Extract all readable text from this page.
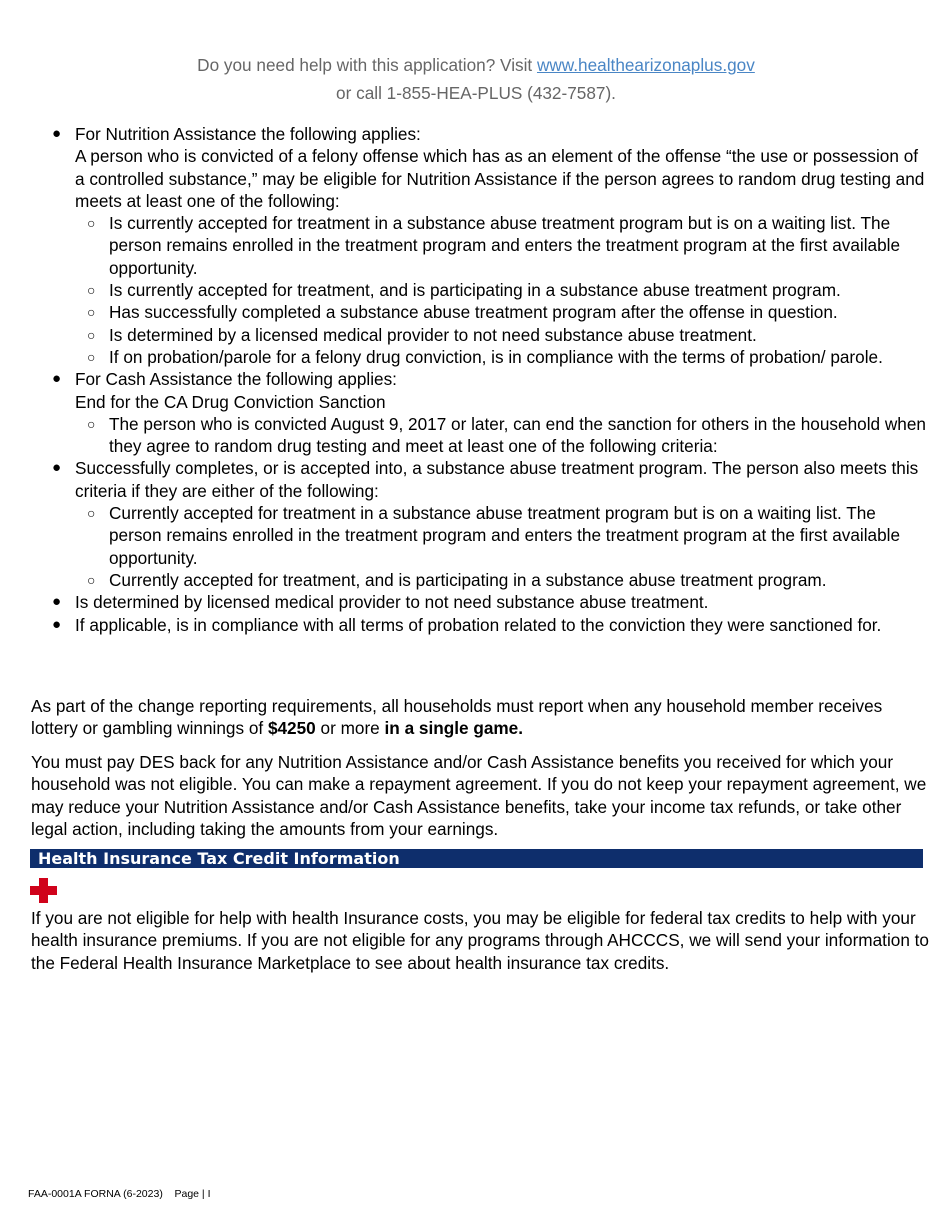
Do you need help with this application? Visit www.healthearizonaplus.gov
or call 1-855-HEA-PLUS (432-7587).
● For Nutrition Assistance the following applies:
A person who is convicted of a felony offense which has as an element of the offense “the use or possession of a controlled substance,” may be eligible for Nutrition Assistance if the person agrees to random drug testing and meets at least one of the following:
○ Is currently accepted for treatment in a substance abuse treatment program but is on a waiting list. The person remains enrolled in the treatment program and enters the treatment program at the first available opportunity.
○ Is currently accepted for treatment, and is participating in a substance abuse treatment program.
○ Has successfully completed a substance abuse treatment program after the offense in question.
○ Is determined by a licensed medical provider to not need substance abuse treatment.
○ If on probation/parole for a felony drug conviction, is in compliance with the terms of probation/ parole.
● For Cash Assistance the following applies:
End for the CA Drug Conviction Sanction
○ The person who is convicted August 9, 2017 or later, can end the sanction for others in the household when they agree to random drug testing and meet at least one of the following criteria:
● Successfully completes, or is accepted into, a substance abuse treatment program. The person also meets this criteria if they are either of the following:
○ Currently accepted for treatment in a substance abuse treatment program but is on a waiting list. The person remains enrolled in the treatment program and enters the treatment program at the first available opportunity.
○ Currently accepted for treatment, and is participating in a substance abuse treatment program.
● Is determined by licensed medical provider to not need substance abuse treatment.
● If applicable, is in compliance with all terms of probation related to the conviction they were sanctioned for.

As part of the change reporting requirements, all households must report when any household member receives lottery or gambling winnings of $4250 or more in a single game.

You must pay DES back for any Nutrition Assistance and/or Cash Assistance benefits you received for which your household was not eligible. You can make a repayment agreement. If you do not keep your repayment agreement, we may reduce your Nutrition Assistance and/or Cash Assistance benefits, take your income tax refunds, or take other legal action, including taking the amounts from your earnings.

Health Insurance Tax Credit Information

If you are not eligible for help with health Insurance costs, you may be eligible for federal tax credits to help with your health insurance premiums. If you are not eligible for any programs through AHCCCS, we will send your information to the Federal Health Insurance Marketplace to see about health insurance tax credits.

FAA-0001A FORNA (6-2023)    Page | I
